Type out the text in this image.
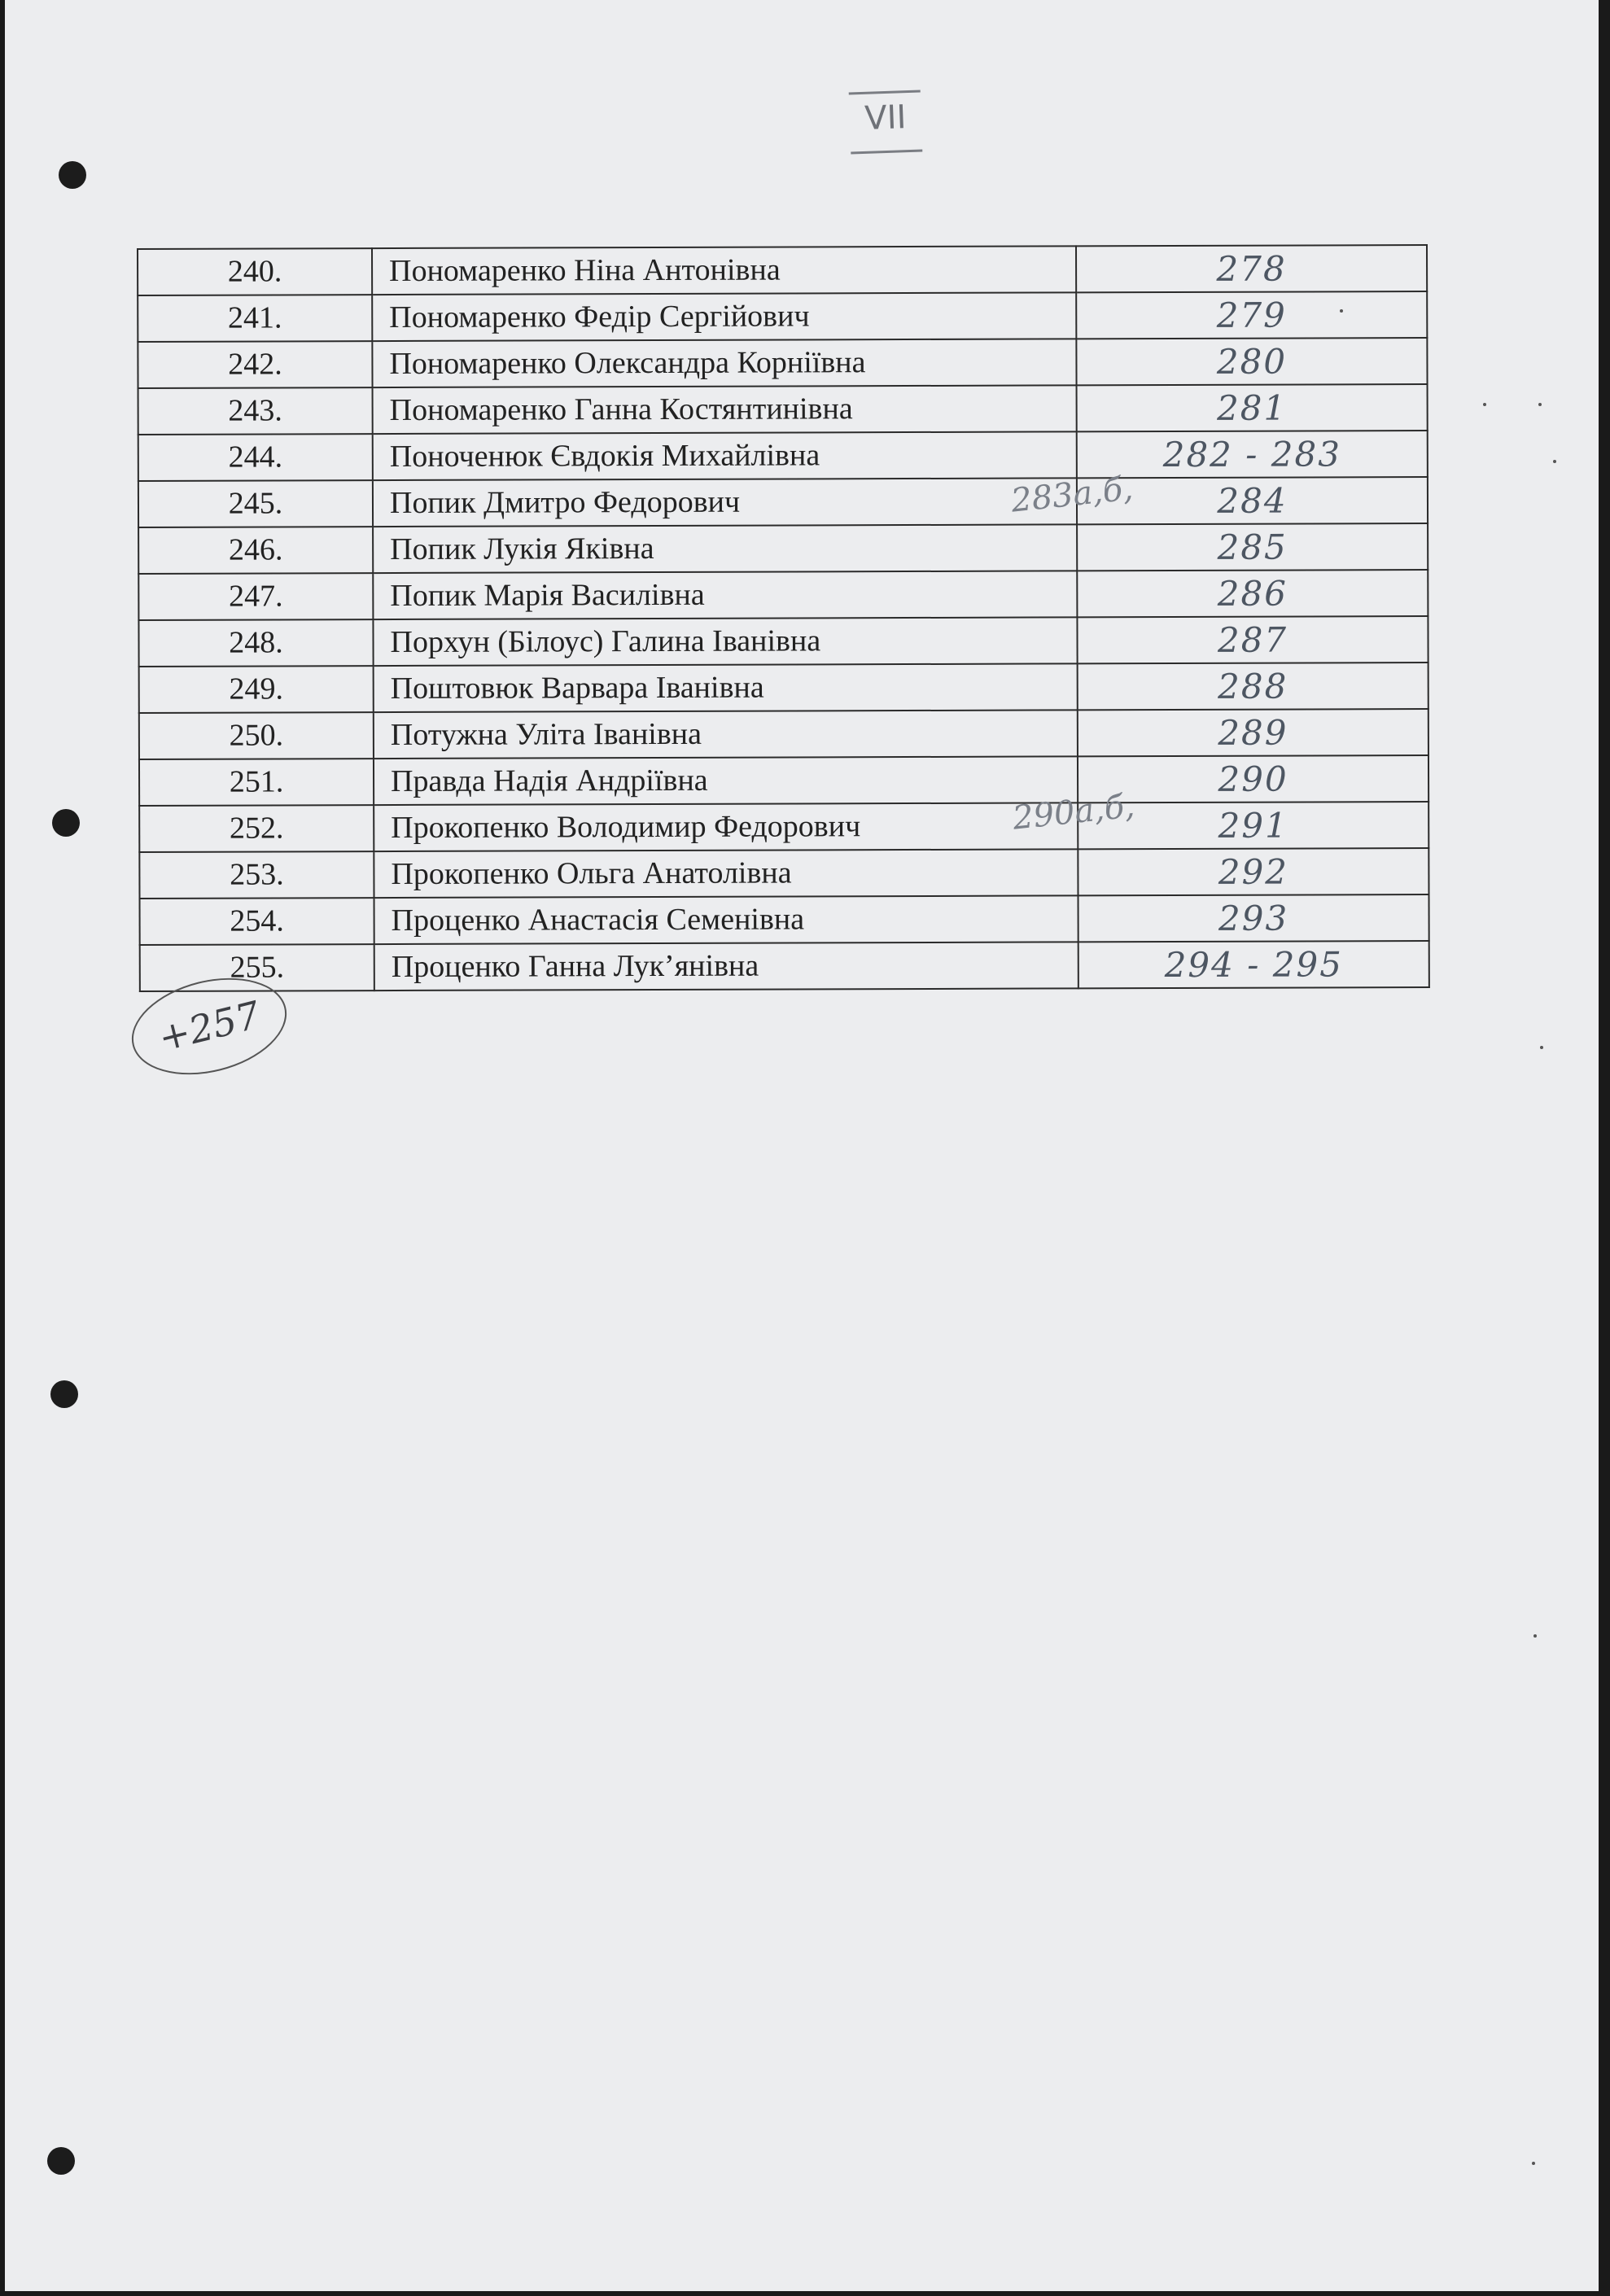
VII
240.	Пономаренко Ніна Антонівна	278
241.	Пономаренко Федір Сергійович	279
242.	Пономаренко Олександра Корніївна	280
243.	Пономаренко Ганна Костянтинівна	281
244.	Поноченюк Євдокія Михайлівна	282 - 283
245.	Попик Дмитро Федорович	284
246.	Попик Лукія Яківна	285
247.	Попик Марія Василівна	286
248.	Порхун (Білоус) Галина Іванівна	287
249.	Поштовюк Варвара Іванівна	288
250.	Потужна Уліта Іванівна	289
251.	Правда Надія Андріївна	290
252.	Прокопенко Володимир Федорович	291
253.	Прокопенко Ольга Анатолівна	292
254.	Проценко Анастасія Семенівна	293
255.	Проценко Ганна Лук’янівна	294 - 295
283а,б,
290а,б,
+257
